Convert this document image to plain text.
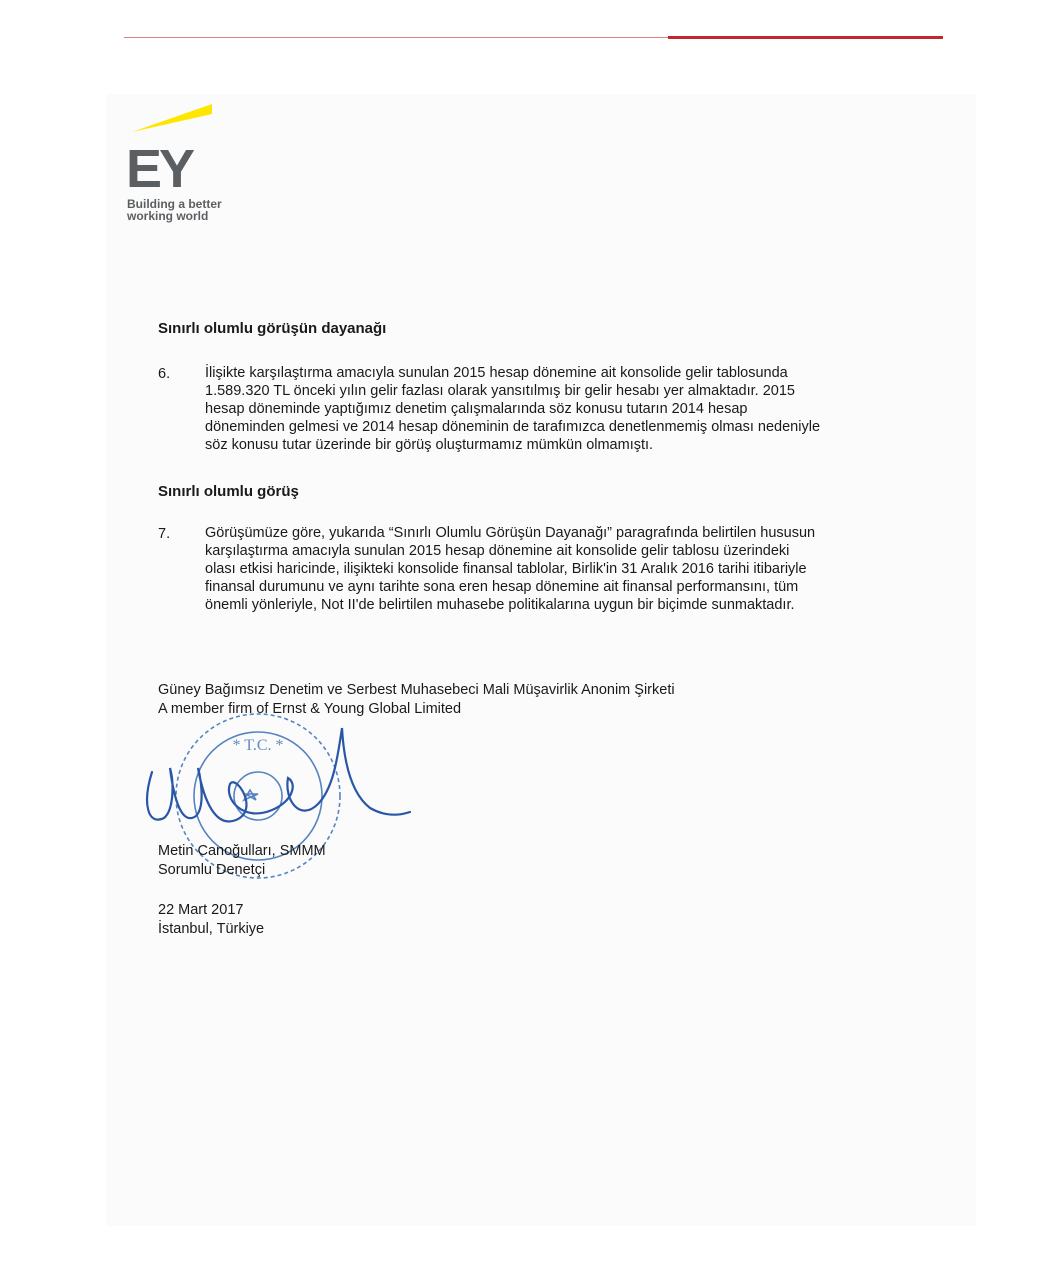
EY
Building a better
working world
Sınırlı olumlu görüşün dayanağı
6. İlişikte karşılaştırma amacıyla sunulan 2015 hesap dönemine ait konsolide gelir tablosunda
1.589.320 TL önceki yılın gelir fazlası olarak yansıtılmış bir gelir hesabı yer almaktadır. 2015
hesap döneminde yaptığımız denetim çalışmalarında söz konusu tutarın 2014 hesap
döneminden gelmesi ve 2014 hesap döneminin de tarafımızca denetlenmemiş olması nedeniyle
söz konusu tutar üzerinde bir görüş oluşturmamız mümkün olmamıştı.
Sınırlı olumlu görüş
7. Görüşümüze göre, yukarıda “Sınırlı Olumlu Görüşün Dayanağı” paragrafında belirtilen hususun
karşılaştırma amacıyla sunulan 2015 hesap dönemine ait konsolide gelir tablosu üzerindeki
olası etkisi haricinde, ilişikteki konsolide finansal tablolar, Birlik'in 31 Aralık 2016 tarihi itibariyle
finansal durumunu ve aynı tarihte sona eren hesap dönemine ait finansal performansını, tüm
önemli yönleriyle, Not II'de belirtilen muhasebe politikalarına uygun bir biçimde sunmaktadır.
Güney Bağımsız Denetim ve Serbest Muhasebeci Mali Müşavirlik Anonim Şirketi
A member firm of Ernst & Young Global Limited
* T.C. *
Metin Canoğulları, SMMM
Sorumlu Denetçi
22 Mart 2017
İstanbul, Türkiye
